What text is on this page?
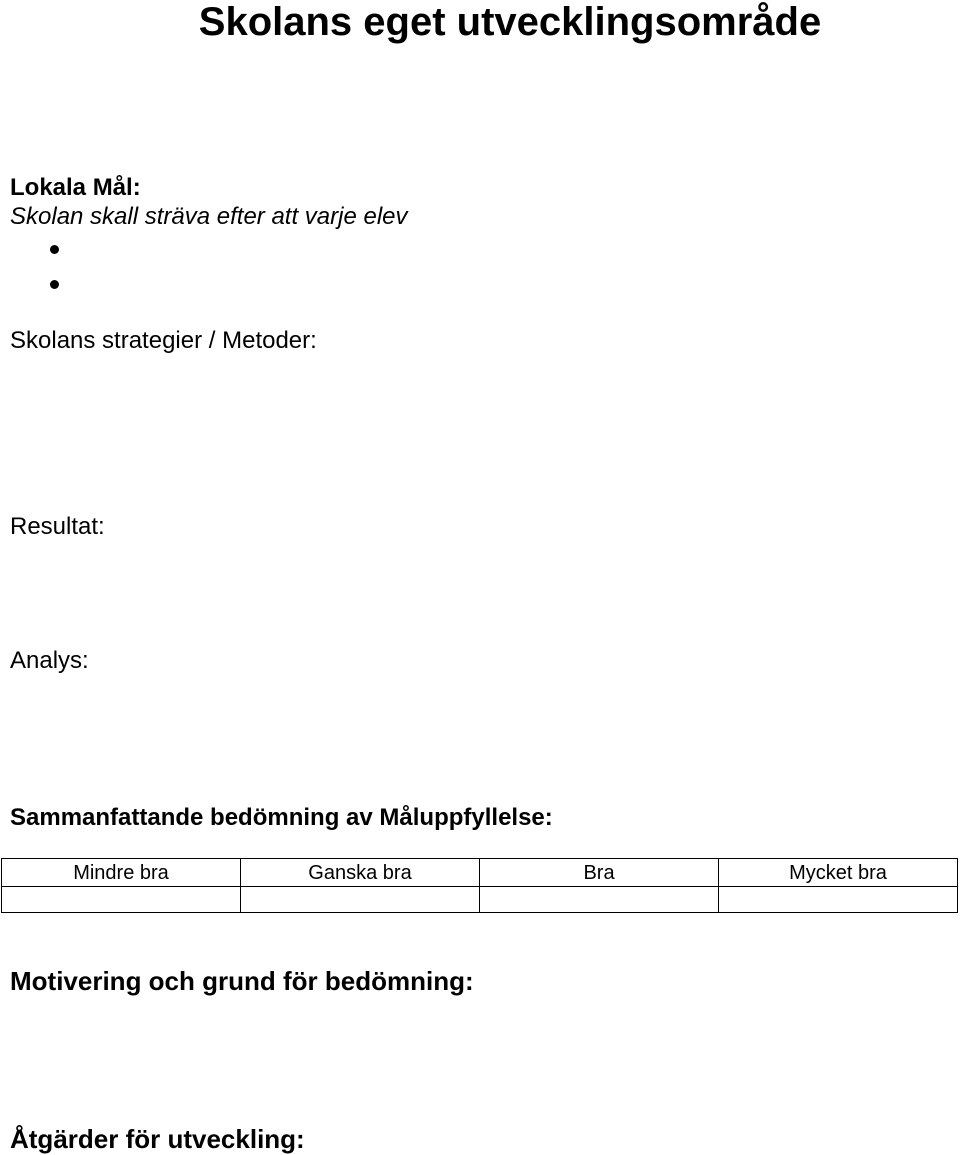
Skolans eget utvecklingsområde
Lokala Mål:
Skolan skall sträva efter att varje elev
Skolans strategier / Metoder:
Resultat:
Analys:
Sammanfattande bedömning av Måluppfyllelse:
Mindre bra	Ganska bra	Bra	Mycket bra

Motivering och grund för bedömning:
Åtgärder för utveckling:
